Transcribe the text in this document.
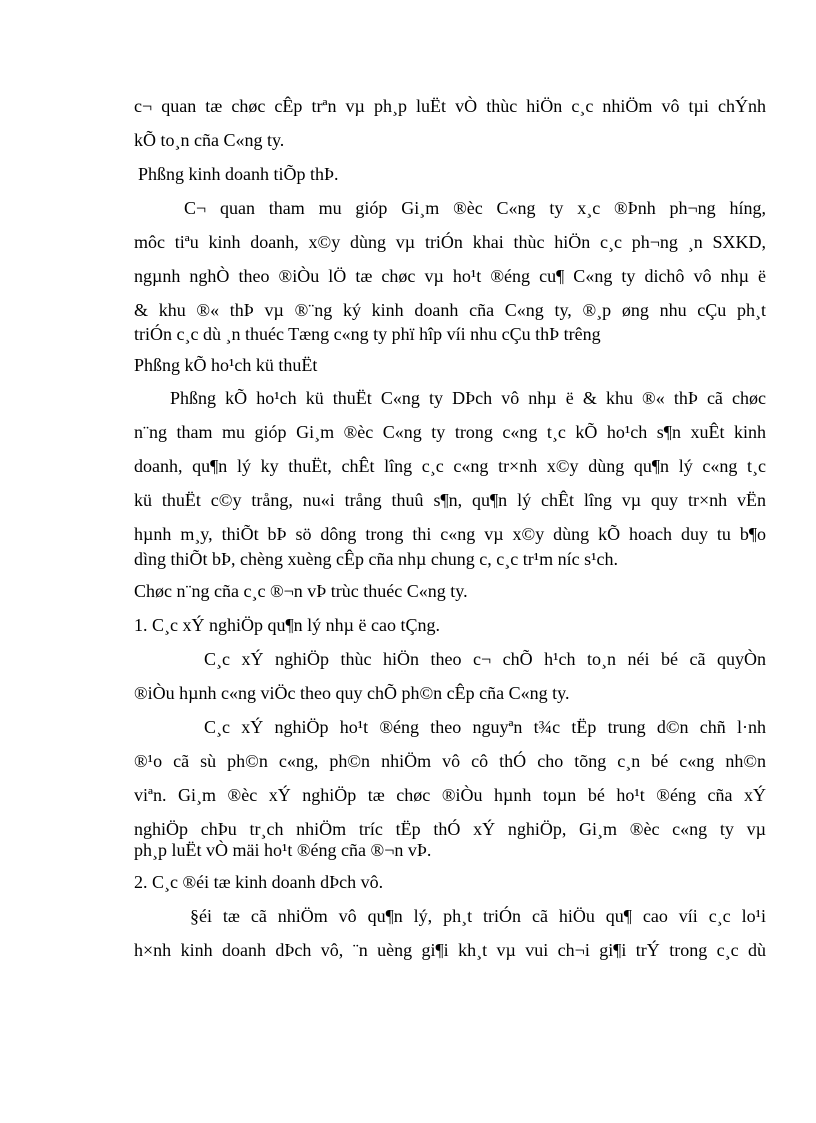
c¬ quan tæ chøc cÊp trªn vµ ph¸p luËt vÒ thùc hiÖn c¸c nhiÖm vô tµi chÝnh
kÕ to¸n cña C«ng ty.
Phßng kinh doanh tiÕp thÞ.
C¬ quan tham mu gióp Gi¸m ®èc C«ng ty x¸c ®Þnh ph¬ng híng,
môc tiªu kinh doanh, x©y dùng vµ triÓn khai thùc hiÖn c¸c ph¬ng ¸n SXKD,
ngµnh nghÒ theo ®iÒu lÖ tæ chøc vµ ho¹t ®éng cu¶ C«ng ty dichô vô nhµ ë
& khu ®« thÞ vµ ®¨ng ký kinh doanh cña C«ng ty, ®¸p øng nhu cÇu ph¸t
triÓn c¸c dù ¸n thuéc Tæng c«ng ty phï hîp víi nhu cÇu thÞ trêng
Phßng kÕ ho¹ch kü thuËt
Phßng kÕ ho¹ch kü thuËt C«ng ty DÞch vô nhµ ë & khu ®« thÞ cã chøc
n¨ng tham mu gióp Gi¸m ®èc C«ng ty trong c«ng t¸c kÕ ho¹ch s¶n xuÊt kinh
doanh, qu¶n lý ky thuËt, chÊt lîng c¸c c«ng tr×nh x©y dùng qu¶n lý c«ng t¸c
kü thuËt c©y trång, nu«i trång thuû s¶n, qu¶n lý chÊt lîng vµ quy tr×nh vËn
hµnh m¸y, thiÕt bÞ sö dông trong thi c«ng vµ x©y dùng kÕ hoach duy tu b¶o
dìng thiÕt bÞ, chèng xuèng cÊp cña nhµ chung c, c¸c tr¹m níc s¹ch.
Chøc n¨ng cña c¸c ®¬n vÞ trùc thuéc C«ng ty.
1. C¸c xÝ nghiÖp qu¶n lý nhµ ë cao tÇng.
C¸c xÝ nghiÖp thùc hiÖn theo c¬ chÕ h¹ch to¸n néi bé cã quyÒn
®iÒu hµnh c«ng viÖc theo quy chÕ ph©n cÊp cña C«ng ty.
C¸c xÝ nghiÖp ho¹t ®éng theo nguyªn t¾c tËp trung d©n chñ l·nh
®¹o cã sù ph©n c«ng, ph©n nhiÖm vô cô thÓ cho tõng c¸n bé c«ng nh©n
viªn. Gi¸m ®èc xÝ nghiÖp tæ chøc ®iÒu hµnh toµn bé ho¹t ®éng cña xÝ
nghiÖp chÞu tr¸ch nhiÖm tríc tËp thÓ xÝ nghiÖp, Gi¸m ®èc c«ng ty vµ
ph¸p luËt vÒ mäi ho¹t ®éng cña ®¬n vÞ.
2. C¸c ®éi tæ kinh doanh dÞch vô.
§éi tæ cã nhiÖm vô qu¶n lý, ph¸t triÓn cã hiÖu qu¶ cao víi c¸c lo¹i
h×nh kinh doanh dÞch vô, ¨n uèng gi¶i kh¸t vµ vui ch¬i gi¶i trÝ trong c¸c dù
